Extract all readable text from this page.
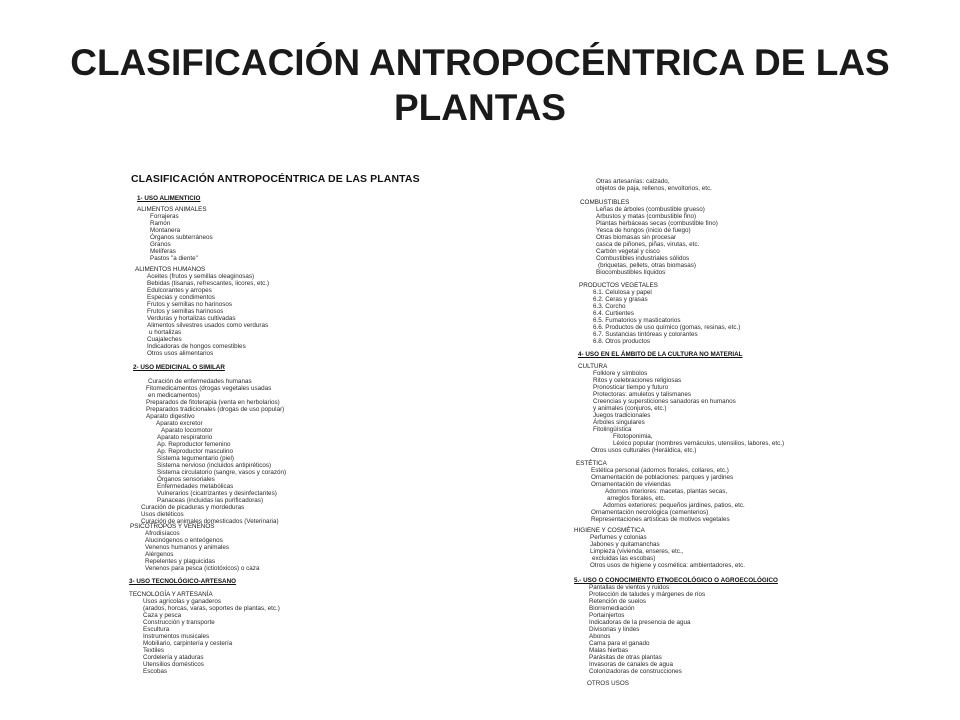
CLASIFICACIÓN ANTROPOCÉNTRICA DE LAS
PLANTAS
CLASIFICACIÓN ANTROPOCÉNTRICA DE LAS PLANTAS
1- USO ALIMENTICIO
ALIMENTOS ANIMALES
Forrajeras
Ramón
Montanera
Órganos subterráneos
Granos
Melíferas
Pastos "a diente"
ALIMENTOS HUMANOS
Aceites (frutos y semillas oleaginosas)
Bebidas (tisanas, refrescantes, licores, etc.)
Edulcorantes y arropes
Especias y condimentos
Frutos y semillas no harinosos
Frutos y semillas harinosos
Verduras y hortalizas cultivadas
Alimentos silvestres usados como verduras
u hortalizas
Cuajaleches
Indicadoras de hongos comestibles
Otros usos alimentarios
2- USO MEDICINAL O SIMILAR
Curación de enfermedades humanas
Fitomedicamentos (drogas vegetales usadas
en medicamentos)
Preparados de fitoterapia (venta en herbolarios)
Preparados tradicionales (drogas de uso popular)
Aparato digestivo
Aparato excretor
Aparato locomotor
Aparato respiratorio
Ap. Reproductor femenino
Ap. Reproductor masculino
Sistema tegumentario (piel)
Sistema nervioso (incluidos antipiréticos)
Sistema circulatorio (sangre, vasos y corazón)
Órganos sensoriales
Enfermedades metabólicas
Vulnerarios (cicatrizantes y desinfectantes)
Panaceas (incluidas las purificadoras)
Curación de picaduras y mordeduras
Usos dietéticos
Curación de animales domesticados (Veterinaria)
PSICÓTROPOS Y VENENOS
Afrodisíacos
Alucinógenos o enteógenos
Venenos humanos y animales
Alérgenos
Repelentes y plaguicidas
Venenos para pesca (ictiotóxicos) o caza
3- USO TECNOLÓGICO-ARTESANO
TECNOLOGÍA Y ARTESANÍA
Usos agrícolas y ganaderos
(arados, horcas, varas, soportes de plantas, etc.)
Caza y pesca
Construcción y transporte
Escultura
Instrumentos musicales
Mobiliario, carpintería y cestería
Textiles
Cordelería y ataduras
Utensilios domésticos
Escobas
Otras artesanías: calzado,
objetos de paja, rellenos, envoltorios, etc.
COMBUSTIBLES
Leñas de árboles (combustible grueso)
Arbustos y matas (combustible fino)
Plantas herbáceas secas (combustible fino)
Yesca de hongos (inicio de fuego)
Otras biomasas sin procesar
casca de piñones, piñas, virutas, etc.
Carbón vegetal y cisco
Combustibles industriales sólidos
(briquetas, pellets, otras biomasas)
Biocombustibles líquidos
PRODUCTOS VEGETALES
6.1. Celulosa y papel
6.2. Ceras y grasas
6.3. Corcho
6.4. Curtientes
6.5. Fumatorios y masticatorios
6.6. Productos de uso químico (gomas, resinas, etc.)
6.7. Sustancias tintóreas y colorantes
6.8. Otros productos
4- USO EN EL ÁMBITO DE LA CULTURA NO MATERIAL
CULTURA
Folklore y símbolos
Ritos y celebraciones religiosas
Pronosticar tiempo y futuro
Protectoras: amuletos y talismanes
Creencias y supersticiones sanadoras en humanos
y animales (conjuros, etc.)
Juegos tradicionales
Árboles singulares
Fitolingüística
Fitotoponimia,
Léxico popular (nombres vernáculos, utensilios, labores, etc.)
Otros usos culturales (Heráldica, etc.)
ESTÉTICA
Estética personal (adornos florales, collares, etc.)
Ornamentación de poblaciones: parques y jardines
Ornamentación de viviendas
Adornos interiores: macetas, plantas secas,
arreglos florales, etc.
Adornos exteriores: pequeños jardines, patios, etc.
Ornamentación necrológica (cementerios)
Representaciones artísticas de motivos vegetales
HIGIENE Y COSMÉTICA
Perfumes y colonias
Jabones y quitamanchas
Limpieza (vivienda, enseres, etc.,
excluidas las escobas)
Otros usos de higiene y cosmética: ambientadores, etc.
5.- USO O CONOCIMIENTO ETNOECOLÓGICO O AGROECOLÓGICO
Pantallas de vientos y ruidos
Protección de taludes y márgenes de ríos
Retención de suelos
Biorremediación
Portainjertos
Indicadoras de la presencia de agua
Divisorias y lindes
Abonos
Cama para el ganado
Malas hierbas
Parásitas de otras plantas
Invasoras de canales de agua
Colonizadoras de construcciones
OTROS USOS
